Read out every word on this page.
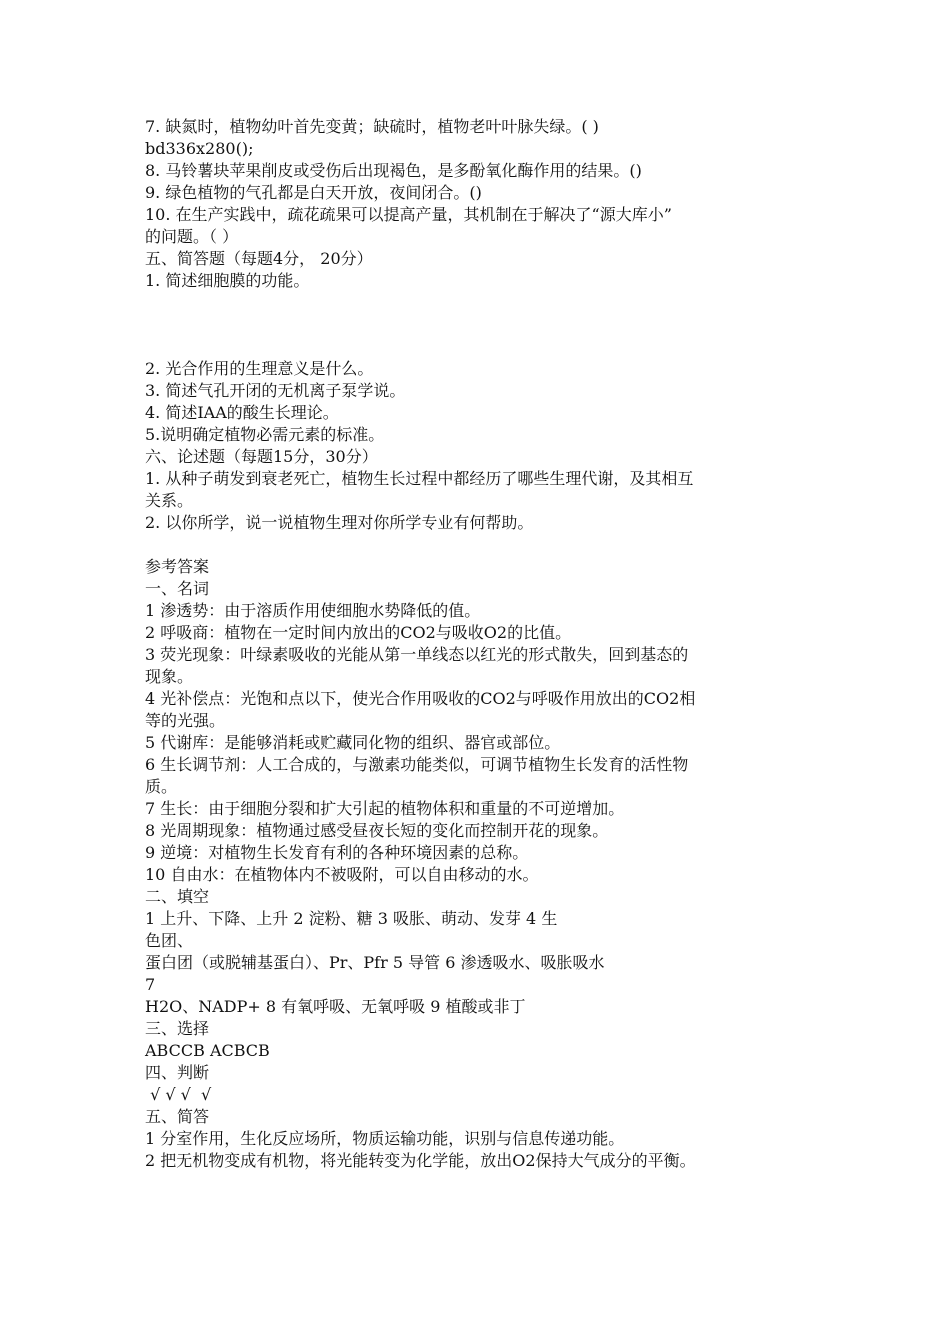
7. 缺氮时，植物幼叶首先变黄；缺硫时，植物老叶叶脉失绿。( )
bd336x280();
8. 马铃薯块苹果削皮或受伤后出现褐色，是多酚氧化酶作用的结果。()
9. 绿色植物的气孔都是白天开放，夜间闭合。()
10. 在生产实践中，疏花疏果可以提高产量，其机制在于解决了“源大库小”
的问题。（ ）
五、简答题（每题4分， 20分）
1. 简述细胞膜的功能。
2. 光合作用的生理意义是什么。
3. 简述气孔开闭的无机离子泵学说。
4. 简述IAA的酸生长理论。
5.说明确定植物必需元素的标准。
六、论述题（每题15分，30分）
1. 从种子萌发到衰老死亡，植物生长过程中都经历了哪些生理代谢，及其相互
关系。
2. 以你所学，说一说植物生理对你所学专业有何帮助。
参考答案
一、名词
1 渗透势：由于溶质作用使细胞水势降低的值。
2 呼吸商：植物在一定时间内放出的CO2与吸收O2的比值。
3 荧光现象：叶绿素吸收的光能从第一单线态以红光的形式散失，回到基态的
现象。
4 光补偿点：光饱和点以下，使光合作用吸收的CO2与呼吸作用放出的CO2相
等的光强。
5 代谢库：是能够消耗或贮藏同化物的组织、器官或部位。
6 生长调节剂：人工合成的，与激素功能类似，可调节植物生长发育的活性物
质。
7 生长：由于细胞分裂和扩大引起的植物体积和重量的不可逆增加。
8 光周期现象：植物通过感受昼夜长短的变化而控制开花的现象。
9 逆境：对植物生长发育有利的各种环境因素的总称。
10 自由水：在植物体内不被吸附，可以自由移动的水。
二、填空
1 上升、下降、上升 2 淀粉、糖 3 吸胀、萌动、发芽 4 生
色团、
蛋白团（或脱辅基蛋白）、Pr、Pfr 5 导管 6 渗透吸水、吸胀吸水
7
H2O、NADP+ 8 有氧呼吸、无氧呼吸 9 植酸或非丁
三、选择
ABCCB ACBCB
四、判断
√ √ √  √
五、简答
1 分室作用，生化反应场所，物质运输功能，识别与信息传递功能。
2 把无机物变成有机物，将光能转变为化学能，放出O2保持大气成分的平衡。
